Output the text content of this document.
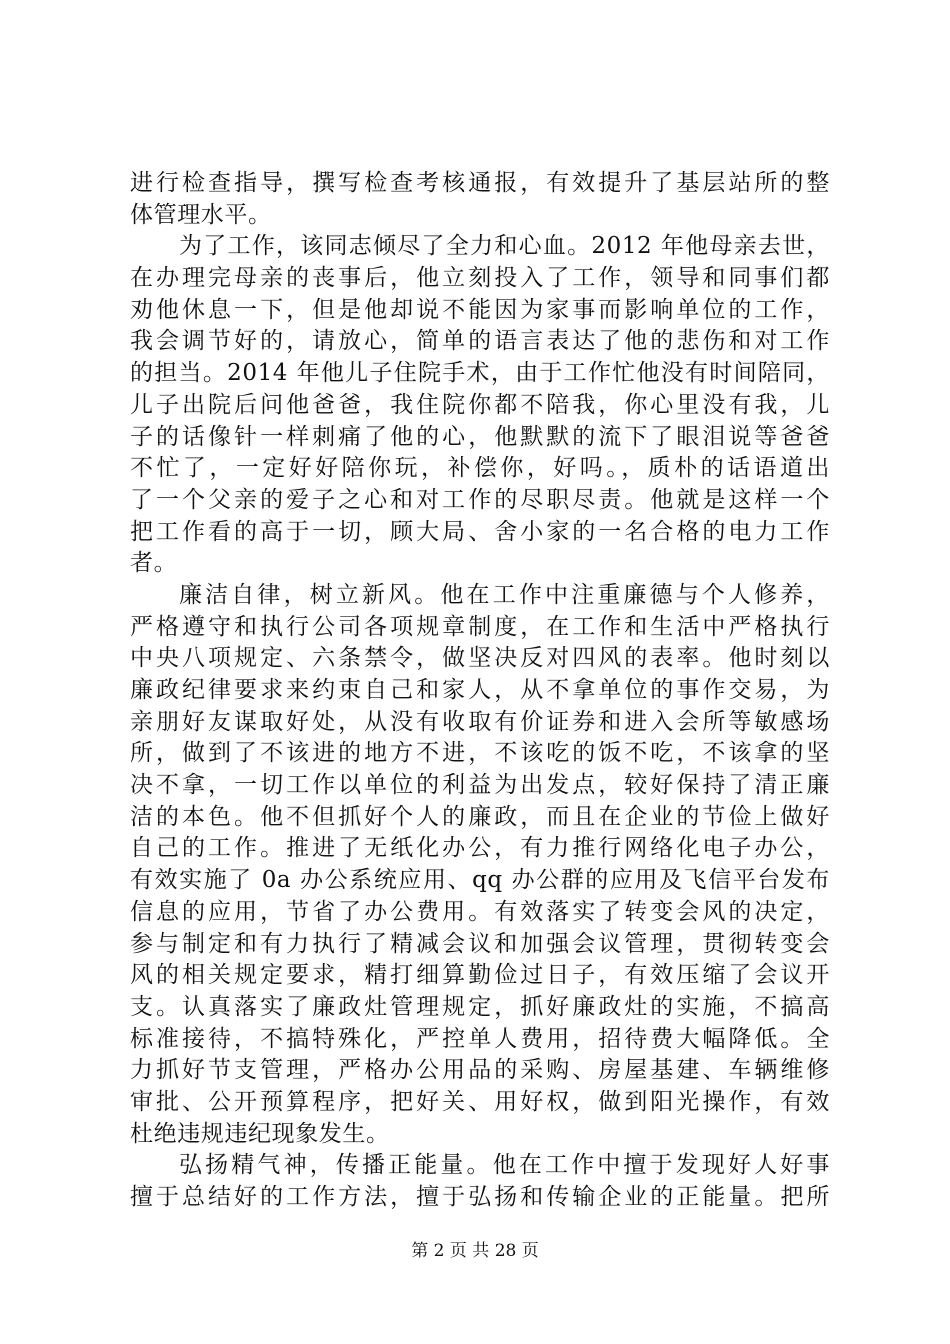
进行检查指导，撰写检查考核通报，有效提升了基层站所的整
体管理水平。
为了工作，该同志倾尽了全力和心血。2012 年他母亲去世，
在办理完母亲的丧事后，他立刻投入了工作，领导和同事们都
劝他休息一下，但是他却说不能因为家事而影响单位的工作，
我会调节好的，请放心，简单的语言表达了他的悲伤和对工作
的担当。2014 年他儿子住院手术，由于工作忙他没有时间陪同，
儿子出院后问他爸爸，我住院你都不陪我，你心里没有我，儿
子的话像针一样刺痛了他的心，他默默的流下了眼泪说等爸爸
不忙了，一定好好陪你玩，补偿你，好吗。，质朴的话语道出
了一个父亲的爱子之心和对工作的尽职尽责。他就是这样一个
把工作看的高于一切，顾大局、舍小家的一名合格的电力工作
者。
廉洁自律，树立新风。他在工作中注重廉德与个人修养，
严格遵守和执行公司各项规章制度，在工作和生活中严格执行
中央八项规定、六条禁令，做坚决反对四风的表率。他时刻以
廉政纪律要求来约束自己和家人，从不拿单位的事作交易，为
亲朋好友谋取好处，从没有收取有价证券和进入会所等敏感场
所，做到了不该进的地方不进，不该吃的饭不吃，不该拿的坚
决不拿，一切工作以单位的利益为出发点，较好保持了清正廉
洁的本色。他不但抓好个人的廉政，而且在企业的节俭上做好
自己的工作。推进了无纸化办公，有力推行网络化电子办公，
有效实施了 0a 办公系统应用、qq 办公群的应用及飞信平台发布
信息的应用，节省了办公费用。有效落实了转变会风的决定，
参与制定和有力执行了精减会议和加强会议管理，贯彻转变会
风的相关规定要求，精打细算勤俭过日子，有效压缩了会议开
支。认真落实了廉政灶管理规定，抓好廉政灶的实施，不搞高
标准接待，不搞特殊化，严控单人费用，招待费大幅降低。全
力抓好节支管理，严格办公用品的采购、房屋基建、车辆维修
审批、公开预算程序，把好关、用好权，做到阳光操作，有效
杜绝违规违纪现象发生。
弘扬精气神，传播正能量。他在工作中擅于发现好人好事
擅于总结好的工作方法，擅于弘扬和传输企业的正能量。把所
第 2 页 共 28 页
